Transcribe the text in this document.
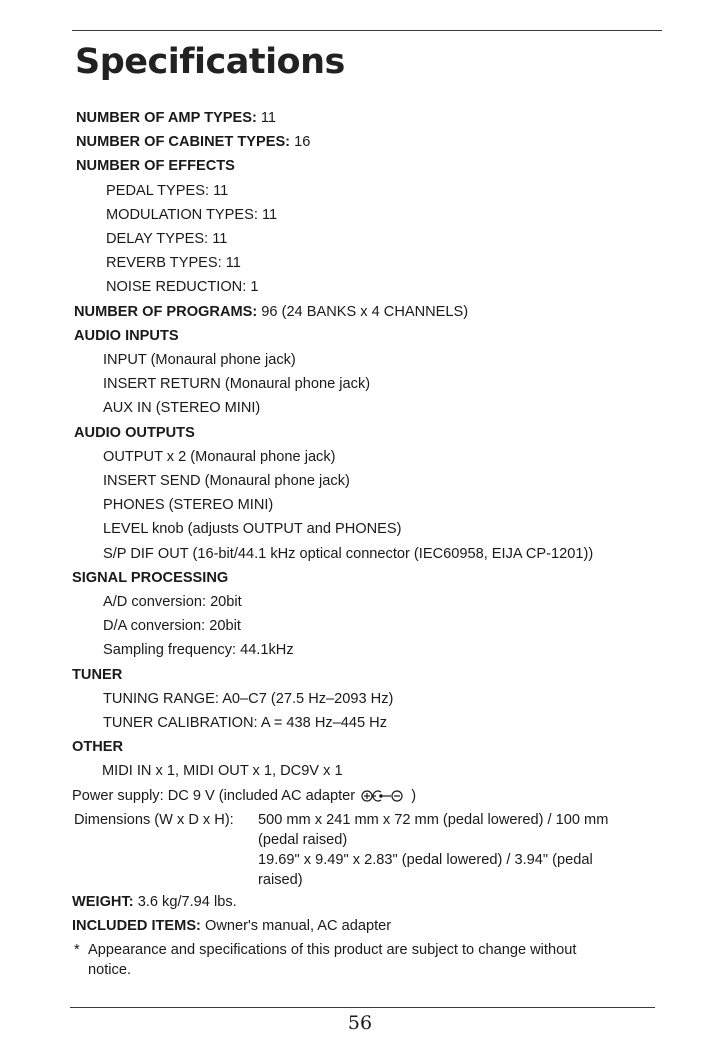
Specifications
NUMBER OF AMP TYPES: 11
NUMBER OF CABINET TYPES: 16
NUMBER OF EFFECTS
PEDAL TYPES: 11
MODULATION TYPES: 11
DELAY TYPES: 11
REVERB TYPES: 11
NOISE REDUCTION: 1
NUMBER OF PROGRAMS: 96 (24 BANKS x 4 CHANNELS)
AUDIO INPUTS
INPUT (Monaural phone jack)
INSERT RETURN (Monaural phone jack)
AUX IN (STEREO MINI)
AUDIO OUTPUTS
OUTPUT x 2 (Monaural phone jack)
INSERT SEND (Monaural phone jack)
PHONES (STEREO MINI)
LEVEL knob (adjusts OUTPUT and PHONES)
S/P DIF OUT (16-bit/44.1 kHz optical connector (IEC60958, EIJA CP-1201))
SIGNAL PROCESSING
A/D conversion: 20bit
D/A conversion: 20bit
Sampling frequency: 44.1kHz
TUNER
TUNING RANGE: A0–C7 (27.5 Hz–2093 Hz)
TUNER CALIBRATION: A = 438 Hz–445 Hz
OTHER
MIDI IN x 1, MIDI OUT x 1, DC9V x 1
Power supply: DC 9 V (included AC adapter	)
Dimensions (W x D x H):	500 mm x 241 mm x 72 mm (pedal lowered) / 100 mm
(pedal raised)
19.69" x 9.49" x 2.83" (pedal lowered) / 3.94" (pedal
raised)
WEIGHT: 3.6 kg/7.94 lbs.
INCLUDED ITEMS: Owner's manual, AC adapter
* Appearance and specifications of this product are subject to change without
notice.
56
